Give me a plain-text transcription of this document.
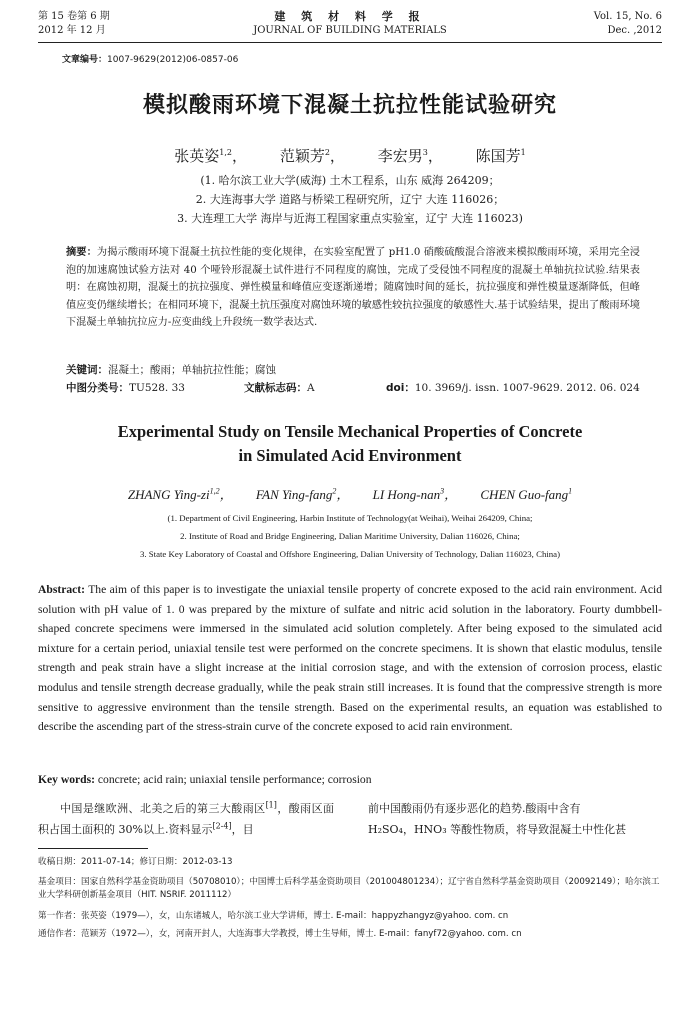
第 15 卷第 6 期
2012 年 12 月
建 筑 材 料 学 报
JOURNAL OF BUILDING MATERIALS
Vol. 15, No. 6
Dec. ,2012
文章编号：1007-9629(2012)06-0857-06
模拟酸雨环境下混凝土抗拉性能试验研究
张英姿$^{1,2}$， 范颖芳$^2$， 李宏男$^3$， 陈国芳$^1$
(1. 哈尔滨工业大学(威海) 土木工程系，山东 威海 264209；
2. 大连海事大学 道路与桥梁工程研究所，辽宁 大连 116026；
3. 大连理工大学 海岸与近海工程国家重点实验室，辽宁 大连 116023)
摘要：为揭示酸雨环境下混凝土抗拉性能的变化规律，在实验室配置了 pH1.0 硝酸硫酸混合溶液来模拟酸雨环境，采用完全浸泡的加速腐蚀试验方法对 40 个哑铃形混凝土试件进行不同程度的腐蚀，完成了受侵蚀不同程度的混凝土单轴抗拉试验.结果表明：在腐蚀初期，混凝土的抗拉强度、弹性模量和峰值应变逐渐递增；随腐蚀时间的延长，抗拉强度和弹性模量逐渐降低，但峰值应变仍继续增长；在相同环境下，混凝土抗压强度对腐蚀环境的敏感性较抗拉强度的敏感性大.基于试验结果，提出了酸雨环境下混凝土单轴抗拉应力-应变曲线上升段统一数学表达式.
关键词：混凝土；酸雨；单轴抗拉性能；腐蚀
中图分类号：TU528. 33	文献标志码：A	doi：10. 3969/j. issn. 1007-9629. 2012. 06. 024
Experimental Study on Tensile Mechanical Properties of Concrete
in Simulated Acid Environment
ZHANG Ying-zi$^{1,2}$， FAN Ying-fang$^2$， LI Hong-nan$^3$， CHEN Guo-fang$^1$
(1. Department of Civil Engineering, Harbin Institute of Technology(at Weihai), Weihai 264209, China;
2. Institute of Road and Bridge Engineering, Dalian Maritime University, Dalian 116026, China;
3. State Key Laboratory of Coastal and Offshore Engineering, Dalian University of Technology, Dalian 116023, China)
Abstract: The aim of this paper is to investigate the uniaxial tensile property of concrete exposed to the acid rain environment. Acid solution with pH value of 1. 0 was prepared by the mixture of sulfate and nitric acid solution in the laboratory. Fourty dumbbell-shaped concrete specimens were immersed in the simulated acid solution completely. After being exposed to the simulated acid mixture for a certain period, uniaxial tensile test were performed on the concrete specimens. It is shown that elastic modulus, tensile strength and peak strain have a slight increase at the initial corrosion stage, and with the extension of corrosion process, elastic modulus and tensile strength decrease gradually, while the peak strain still increases. It is found that the compressive strength is more sensitive to aggressive environment than the tensile strength. Based on the experimental results, an equation was established to describe the ascending part of the stress-strain curve of the concrete exposed to acid rain environment.
Key words: concrete; acid rain; uniaxial tensile performance; corrosion
中国是继欧洲、北美之后的第三大酸雨区[1]，酸雨区面积占国土面积的 30%以上.资料显示[2-4]，目
前中国酸雨仍有逐步恶化的趋势.酸雨中含有
H₂SO₄，HNO₃ 等酸性物质，将导致混凝土中性化甚
收稿日期：2011-07-14；修订日期：2012-03-13
基金项目：国家自然科学基金资助项目（50708010）；中国博士后科学基金资助项目（201004801234）；辽宁省自然科学基金资助项目（20092149）；哈尔滨工业大学科研创新基金项目（HIT. NSRIF. 2011112）
第一作者：张英姿（1979—），女，山东诸城人，哈尔滨工业大学讲师，博士. E-mail：happyzhangyz@yahoo. com. cn
通信作者：范颖芳（1972—），女，河南开封人，大连海事大学教授，博士生导师，博士. E-mail：fanyf72@yahoo. com. cn
